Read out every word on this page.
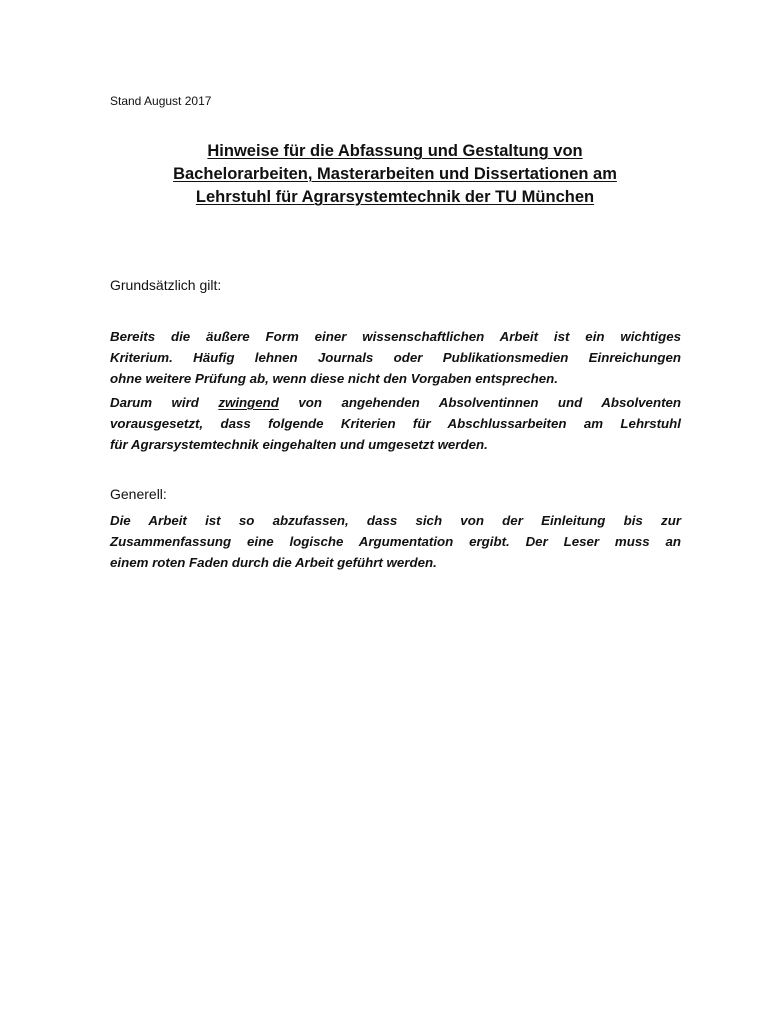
Stand August 2017

Hinweise für die Abfassung und Gestaltung von
Bachelorarbeiten, Masterarbeiten und Dissertationen am
Lehrstuhl für Agrarsystemtechnik der TU München

Grundsätzlich gilt:

Bereits die äußere Form einer wissenschaftlichen Arbeit ist ein wichtiges
Kriterium. Häufig lehnen Journals oder Publikationsmedien Einreichungen
ohne weitere Prüfung ab, wenn diese nicht den Vorgaben entsprechen.

Darum wird zwingend von angehenden Absolventinnen und Absolventen
vorausgesetzt, dass folgende Kriterien für Abschlussarbeiten am Lehrstuhl
für Agrarsystemtechnik eingehalten und umgesetzt werden.

Generell:

Die Arbeit ist so abzufassen, dass sich von der Einleitung bis zur
Zusammenfassung eine logische Argumentation ergibt. Der Leser muss an
einem roten Faden durch die Arbeit geführt werden.
